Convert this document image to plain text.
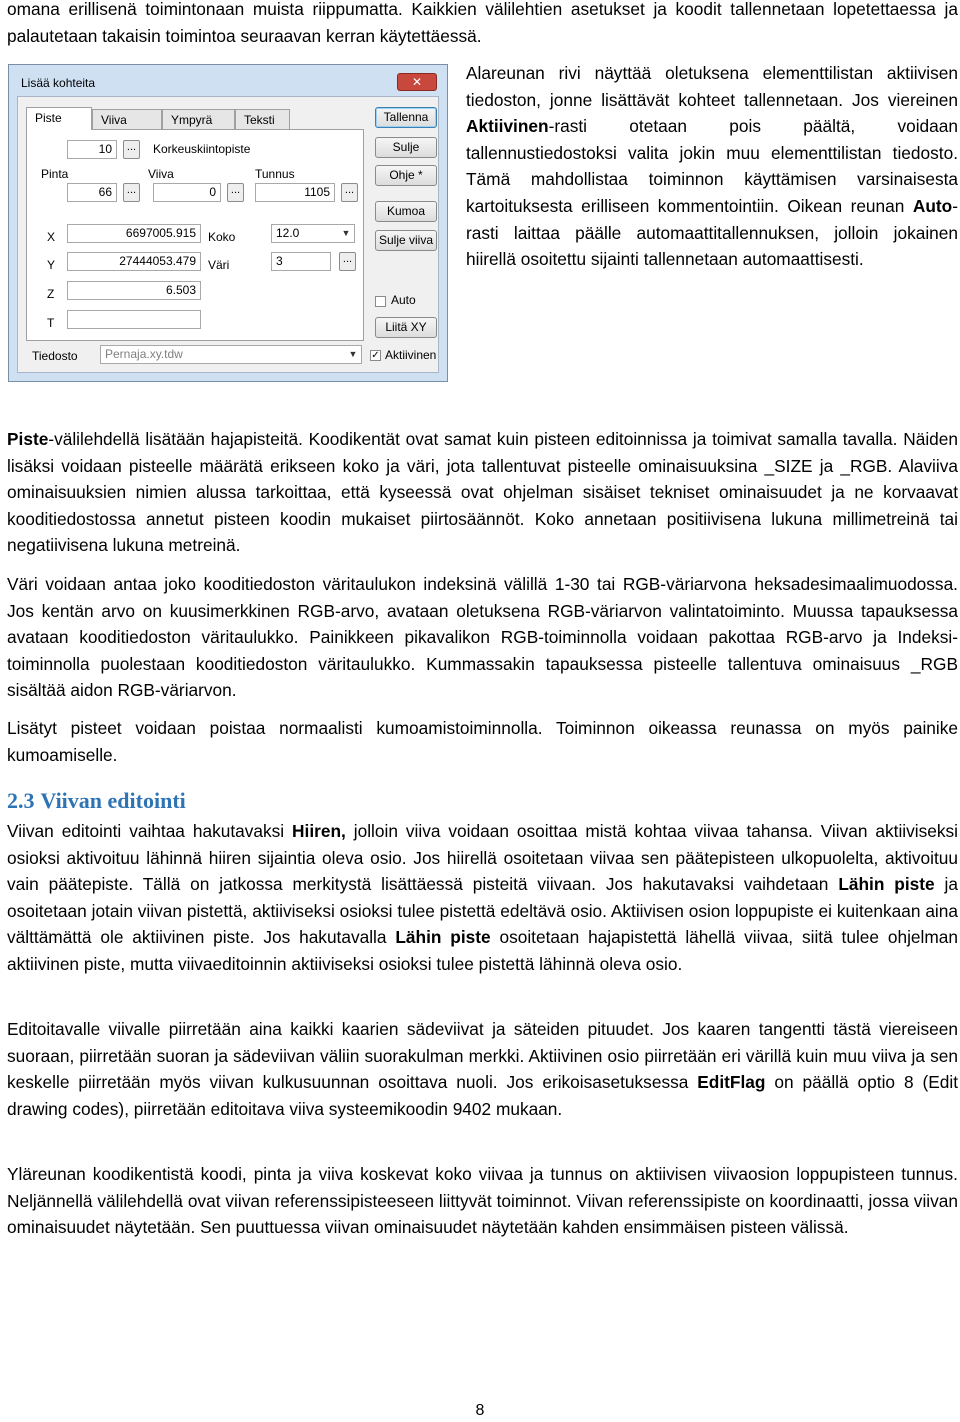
omana erillisenä toimintonaan muista riippumatta. Kaikkien välilehtien asetukset ja koodit tallennetaan lopetettaessa ja palautetaan takaisin toimintoa seuraavan kerran käytettäessä.

Lisää kohteita	✕
Piste	Viiva	Ympyrä	Teksti
10	...	Korkeuskiintopiste
Pinta	Viiva	Tunnus
66	...	0	...	1105	...
X	6697005.915
Y	27444053.479
Z	6.503
T
Koko	12.0	▼
Väri	3	...
Tallenna
Sulje
Ohje *
Kumoa
Sulje viiva
Auto
Liitä XY
Tiedosto	Pernaja.xy.tdw	▼ ✓ Aktiivinen

Alareunan rivi näyttää oletuksena elementtilistan aktiivisen tiedoston, jonne lisättävät kohteet tallennetaan. Jos viereinen Aktiivinen-rasti otetaan pois päältä, voidaan tallennustiedostoksi valita jokin muu elementtilistan tiedosto. Tämä mahdollistaa toiminnon käyttämisen varsinaisesta kartoituksesta erilliseen kommentointiin. Oikean reunan Auto-rasti laittaa päälle automaattitallennuksen, jolloin jokainen hiirellä osoitettu sijainti tallennetaan automaattisesti.

Piste-välilehdellä lisätään hajapisteitä. Koodikentät ovat samat kuin pisteen editoinnissa ja toimivat samalla tavalla. Näiden lisäksi voidaan pisteelle määrätä erikseen koko ja väri, jota tallentuvat pisteelle ominaisuuksina _SIZE ja _RGB. Alaviiva ominaisuuksien nimien alussa tarkoittaa, että kyseessä ovat ohjelman sisäiset tekniset ominaisuudet ja ne korvaavat kooditiedostossa annetut pisteen koodin mukaiset piirtosäännöt. Koko annetaan positiivisena lukuna millimetreinä tai negatiivisena lukuna metreinä.

Väri voidaan antaa joko kooditiedoston väritaulukon indeksinä välillä 1-30 tai RGB-väriarvona heksadesimaalimuodossa. Jos kentän arvo on kuusimerkkinen RGB-arvo, avataan oletuksena RGB-väriarvon valintatoiminto. Muussa tapauksessa avataan kooditiedoston väritaulukko. Painikkeen pikavalikon RGB-toiminnolla voidaan pakottaa RGB-arvo ja Indeksi-toiminnolla puolestaan kooditiedoston väritaulukko. Kummassakin tapauksessa pisteelle tallentuva ominaisuus _RGB sisältää aidon RGB-väriarvon.

Lisätyt pisteet voidaan poistaa normaalisti kumoamistoiminnolla. Toiminnon oikeassa reunassa on myös painike kumoamiselle.

2.3 Viivan editointi

Viivan editointi vaihtaa hakutavaksi Hiiren, jolloin viiva voidaan osoittaa mistä kohtaa viivaa tahansa. Viivan aktiiviseksi osioksi aktivoituu lähinnä hiiren sijaintia oleva osio. Jos hiirellä osoitetaan viivaa sen päätepisteen ulkopuolelta, aktivoituu vain päätepiste. Tällä on jatkossa merkitystä lisättäessä pisteitä viivaan. Jos hakutavaksi vaihdetaan Lähin piste ja osoitetaan jotain viivan pistettä, aktiiviseksi osioksi tulee pistettä edeltävä osio. Aktiivisen osion loppupiste ei kuitenkaan aina välttämättä ole aktiivinen piste. Jos hakutavalla Lähin piste osoitetaan hajapistettä lähellä viivaa, siitä tulee ohjelman aktiivinen piste, mutta viivaeditoinnin aktiiviseksi osioksi tulee pistettä lähinnä oleva osio.

Editoitavalle viivalle piirretään aina kaikki kaarien sädeviivat ja säteiden pituudet. Jos kaaren tangentti tästä viereiseen suoraan, piirretään suoran ja sädeviivan väliin suorakulman merkki. Aktiivinen osio piirretään eri värillä kuin muu viiva ja sen keskelle piirretään myös viivan kulkusuunnan osoittava nuoli. Jos erikoisasetuksessa EditFlag on päällä optio 8 (Edit drawing codes), piirretään editoitava viiva systeemikoodin 9402 mukaan.

Yläreunan koodikentistä koodi, pinta ja viiva koskevat koko viivaa ja tunnus on aktiivisen viivaosion loppupisteen tunnus. Neljännellä välilehdellä ovat viivan referenssipisteeseen liittyvät toiminnot. Viivan referenssipiste on koordinaatti, jossa viivan ominaisuudet näytetään. Sen puuttuessa viivan ominaisuudet näytetään kahden ensimmäisen pisteen välissä.

8
